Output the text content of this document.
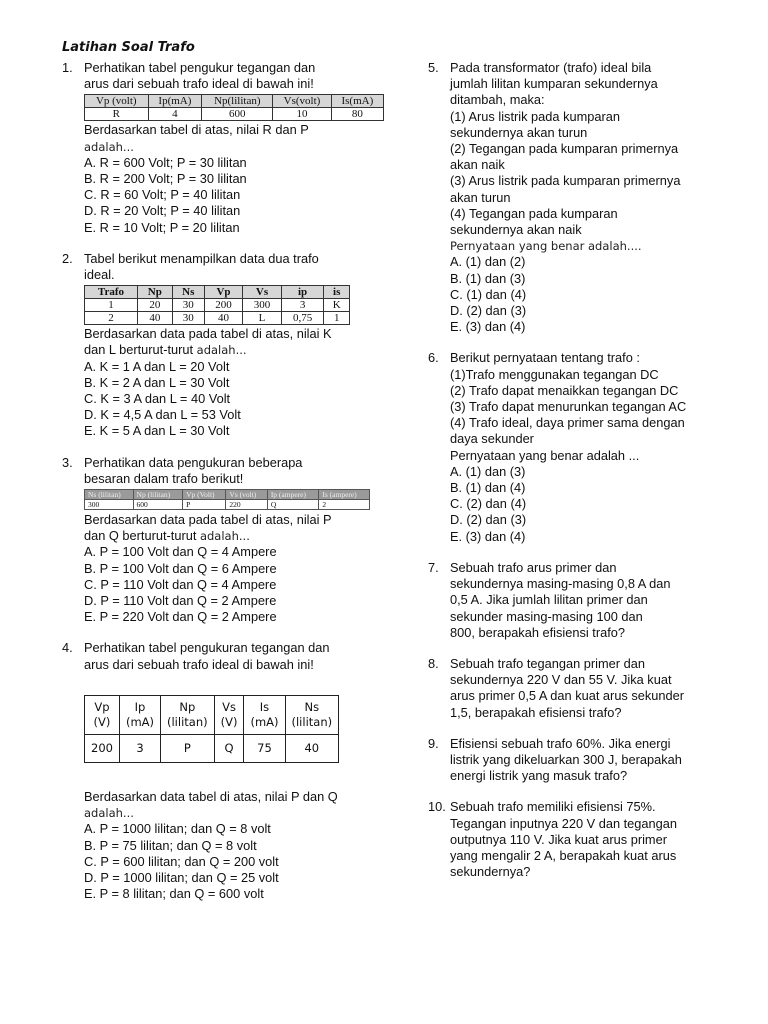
Latihan Soal Trafo
1. Perhatikan tabel pengukur tegangan dan

arus dari sebuah trafo ideal di bawah ini!

Vp (volt)	Ip(mA)	Np(lilitan)	Vs(volt)	Is(mA)
R	4	600	10	80

Berdasarkan tabel di atas, nilai R dan P

adalah...

A. R = 600 Volt; P = 30 lilitan

B. R = 200 Volt; P = 30 lilitan

C. R = 60 Volt; P = 40 lilitan

D. R = 20 Volt; P = 40 lilitan

E. R = 10 Volt; P = 20 lilitan

2. Tabel berikut menampilkan data dua trafo

ideal.

Trafo	Np	Ns	Vp	Vs	ip	is
1	20	30	200	300	3	K
2	40	30	40	L	0,75	1

Berdasarkan data pada tabel di atas, nilai K

dan L berturut-turut adalah...

A. K = 1 A dan L = 20 Volt

B. K = 2 A dan L = 30 Volt

C. K = 3 A dan L = 40 Volt

D. K = 4,5 A dan L = 53 Volt

E. K = 5 A dan L = 30 Volt

3. Perhatikan data pengukuran beberapa

besaran dalam trafo berikut!

Ns (lilitan)	Np (lilitan)	Vp (Volt)	Vs (volt)	Ip (ampere)	Is (ampere)
300	600	P	220	Q	2

Berdasarkan data pada tabel di atas, nilai P

dan Q berturut-turut adalah...

A. P = 100 Volt dan Q = 4 Ampere

B. P = 100 Volt dan Q = 6 Ampere

C. P = 110 Volt dan Q = 4 Ampere

D. P = 110 Volt dan Q = 2 Ampere

E. P = 220 Volt dan Q = 2 Ampere

4. Perhatikan tabel pengukuran tegangan dan

arus dari sebuah trafo ideal di bawah ini!

Vp
(V)	Ip
(mA)	Np
(lilitan)	Vs
(V)	Is
(mA)	Ns
(lilitan)
200	3	P	Q	75	40

Berdasarkan data tabel di atas, nilai P dan Q

adalah...

A. P = 1000 lilitan; dan Q = 8 volt

B. P = 75 lilitan; dan Q = 8 volt

C. P = 600 lilitan; dan Q = 200 volt

D. P = 1000 lilitan; dan Q = 25 volt

E. P = 8 lilitan; dan Q = 600 volt

5. Pada transformator (trafo) ideal bila

jumlah lilitan kumparan sekundernya

ditambah, maka:

(1) Arus listrik pada kumparan

sekundernya akan turun

(2) Tegangan pada kumparan primernya

akan naik

(3) Arus listrik pada kumparan primernya

akan turun

(4) Tegangan pada kumparan

sekundernya akan naik

Pernyataan yang benar adalah....

A. (1) dan (2)

B. (1) dan (3)

C. (1) dan (4)

D. (2) dan (3)

E. (3) dan (4)

6. Berikut pernyataan tentang trafo :

(1)Trafo menggunakan tegangan DC

(2) Trafo dapat menaikkan tegangan DC

(3) Trafo dapat menurunkan tegangan AC

(4) Trafo ideal, daya primer sama dengan

daya sekunder

Pernyataan yang benar adalah ...

A. (1) dan (3)

B. (1) dan (4)

C. (2) dan (4)

D. (2) dan (3)

E. (3) dan (4)

7. Sebuah trafo arus primer dan

sekundernya masing-masing 0,8 A dan

0,5 A. Jika jumlah lilitan primer dan

sekunder masing-masing 100 dan

800, berapakah efisiensi trafo?

8. Sebuah trafo tegangan primer dan

sekundernya 220 V dan 55 V. Jika kuat

arus primer 0,5 A dan kuat arus sekunder

1,5, berapakah efisiensi trafo?

9. Efisiensi sebuah trafo 60%. Jika energi

listrik yang dikeluarkan 300 J, berapakah

energi listrik yang masuk trafo?

10. Sebuah trafo memiliki efisiensi 75%.

Tegangan inputnya 220 V dan tegangan

outputnya 110 V. Jika kuat arus primer

yang mengalir 2 A, berapakah kuat arus

sekundernya?
